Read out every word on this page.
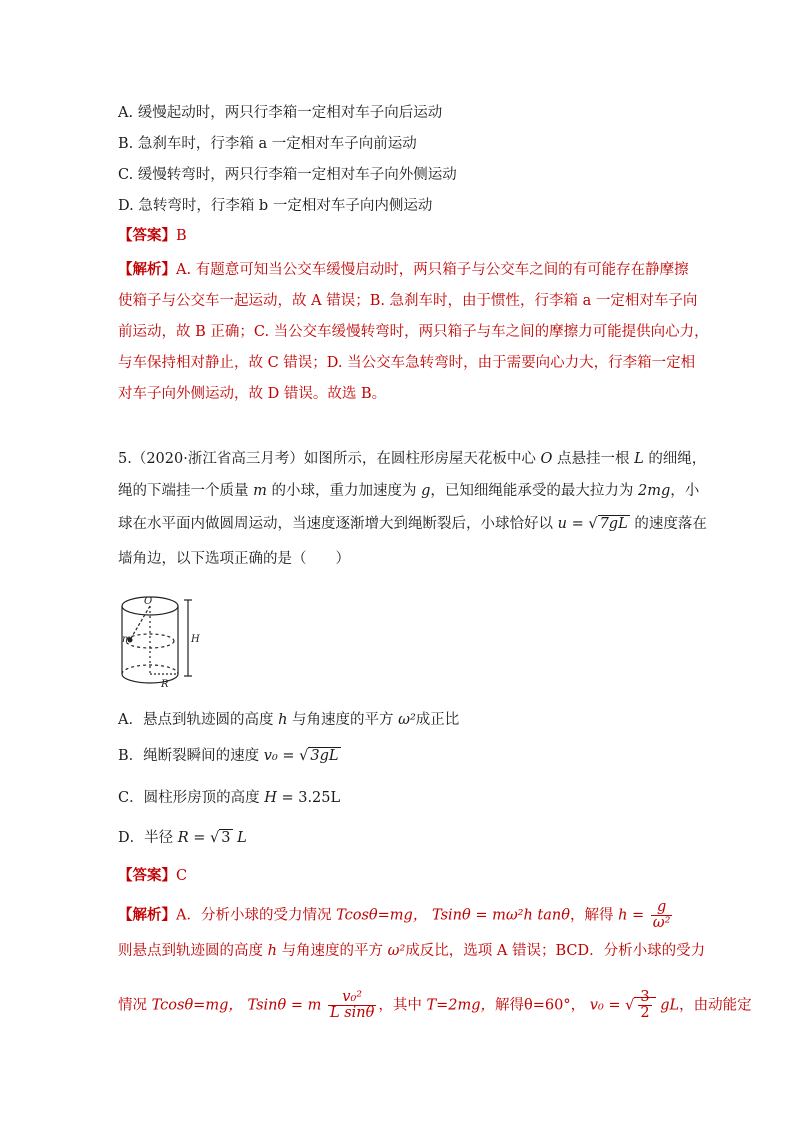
A. 缓慢起动时，两只行李箱一定相对车子向后运动
B. 急刹车时，行李箱 a 一定相对车子向前运动
C. 缓慢转弯时，两只行李箱一定相对车子向外侧运动
D. 急转弯时，行李箱 b 一定相对车子向内侧运动
【答案】B
【解析】A. 有题意可知当公交车缓慢启动时，两只箱子与公交车之间的有可能存在静摩擦
使箱子与公交车一起运动，故 A 错误；B. 急刹车时，由于惯性，行李箱 a 一定相对车子向
前运动，故 B 正确；C. 当公交车缓慢转弯时，两只箱子与车之间的摩擦力可能提供向心力，
与车保持相对静止，故 C 错误；D. 当公交车急转弯时，由于需要向心力大，行李箱一定相
对车子向外侧运动，故 D 错误。故选 B。
5.（2020·浙江省高三月考）如图所示，在圆柱形房屋天花板中心 O 点悬挂一根 L 的细绳，
绳的下端挂一个质量 m 的小球，重力加速度为 g，已知细绳能承受的最大拉力为 2mg，小
球在水平面内做圆周运动，当速度逐渐增大到绳断裂后，小球恰好以 u = √ 7gL 的速度落在
墙角边，以下选项正确的是（　　）
O
m	H
R
A．悬点到轨迹圆的高度 h 与角速度的平方 ω²成正比
B．绳断裂瞬间的速度 v₀ = √ 3gL
C．圆柱形房顶的高度 H = 3.25L
D．半径 R = √ 3 L
【答案】C
【解析】A．分析小球的受力情况 Tcosθ=mg， Tsinθ = mω²h tanθ，解得 $h = \frac{g}{\text{ω²}}$
则悬点到轨迹圆的高度 h 与角速度的平方 ω²成反比，选项 A 错误；BCD．分析小球的受力
情况 Tcosθ=mg， Tsinθ = m $\frac{\text{v₀²}}{\text{L sinθ}}$ ，其中 T=2mg，解得θ=60°， v₀ = √ $\frac{3}{2}$ gL，由动能定
